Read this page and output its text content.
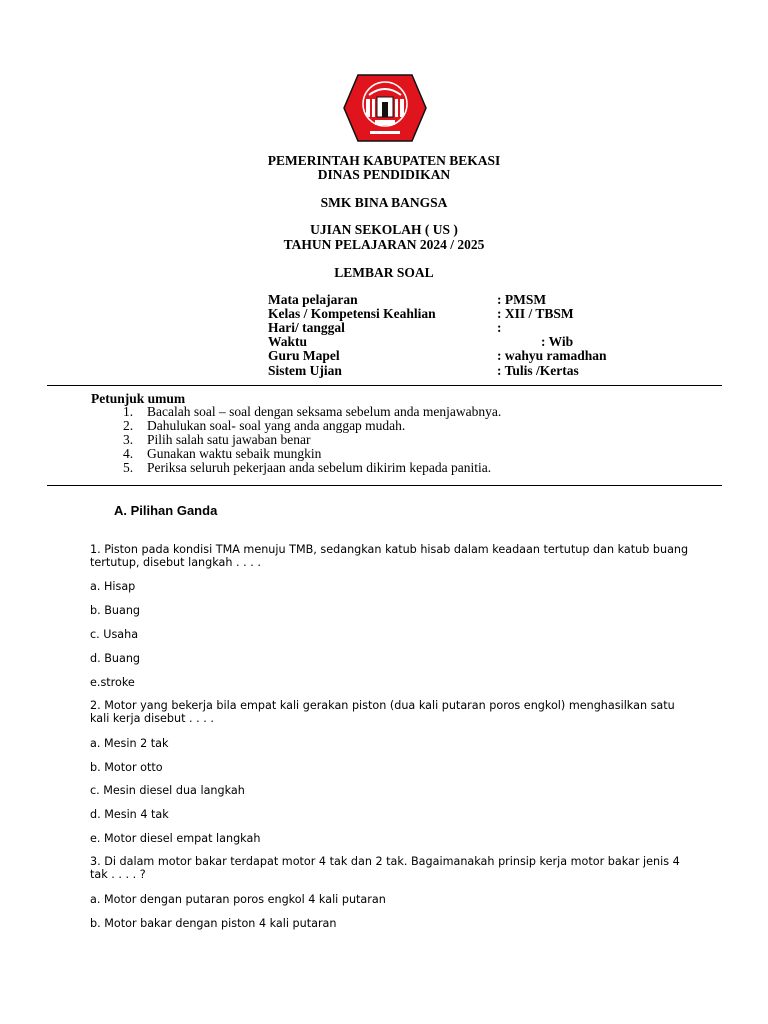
PEMERINTAH KABUPATEN BEKASI
DINAS PENDIDIKAN
SMK BINA BANGSA
UJIAN SEKOLAH ( US )
TAHUN PELAJARAN 2024 / 2025
LEMBAR SOAL
Mata pelajaran	: PMSM
Kelas / Kompetensi Keahlian	: XII / TBSM
Hari/ tanggal	:
Waktu	: Wib
Guru Mapel	: wahyu ramadhan
Sistem Ujian	: Tulis /Kertas
Petunjuk umum
1. Bacalah soal – soal dengan seksama sebelum anda menjawabnya.
2. Dahulukan soal- soal yang anda anggap mudah.
3. Pilih salah satu jawaban benar
4. Gunakan waktu sebaik mungkin
5. Periksa seluruh pekerjaan anda sebelum dikirim kepada panitia.
A. Pilihan Ganda
1. Piston pada kondisi TMA menuju TMB, sedangkan katub hisab dalam keadaan tertutup dan katub buang tertutup, disebut langkah . . . .
a. Hisap
b. Buang
c. Usaha
d. Buang
e.stroke
2. Motor yang bekerja bila empat kali gerakan piston (dua kali putaran poros engkol) menghasilkan satu kali kerja disebut . . . .
a. Mesin 2 tak
b. Motor otto
c. Mesin diesel dua langkah
d. Mesin 4 tak
e. Motor diesel empat langkah
3. Di dalam motor bakar terdapat motor 4 tak dan 2 tak. Bagaimanakah prinsip kerja motor bakar jenis 4 tak . . . . ?
a. Motor dengan putaran poros engkol 4 kali putaran
b. Motor bakar dengan piston 4 kali putaran
